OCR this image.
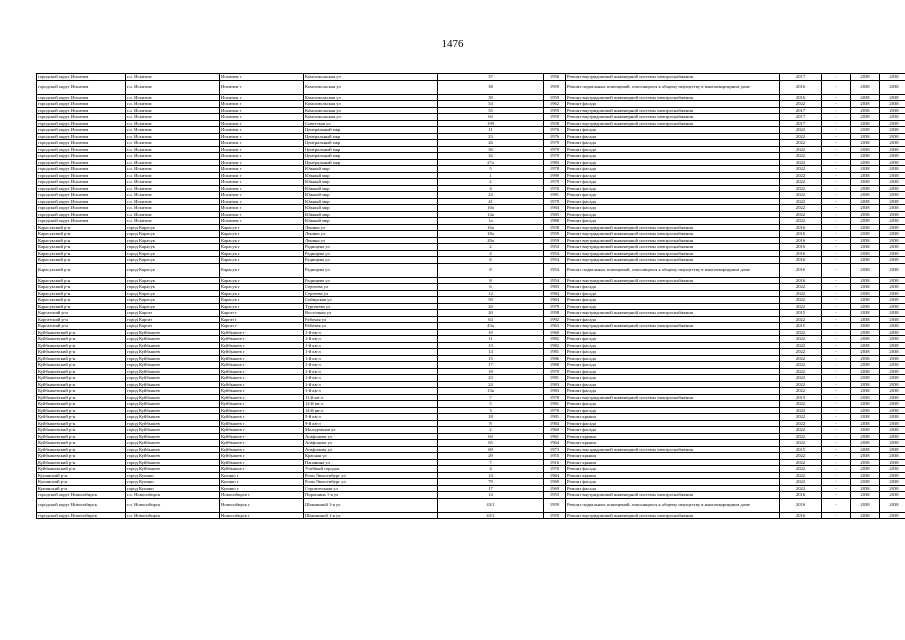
1476
городской округ Искитим	г.о. Искитим	Искитим г	Комсомольская ул	37	1956	Ремонт внутридомовой инженерной системы электроснабжения	2017	-	2038	2038
городской округ Искитим	г.о. Искитим	Искитим г	Комсомольская ул	38	1959	Ремонт подвальных помещений, относящихся к общему имуществу в многоквартирном доме	2016	-	2038	2038
городской округ Искитим	г.о. Искитим	Искитим г	Комсомольская ул	39	1959	Ремонт внутридомовой инженерной системы электроснабжения	2016	-	2038	2038
городской округ Искитим	г.о. Искитим	Искитим г	Комсомольская ул	54	1962	Ремонт фасада	2022	-	2038	2038
городской округ Искитим	г.о. Искитим	Искитим г	Комсомольская ул	55	1959	Ремонт внутридомовой инженерной системы электроснабжения	2017	-	2038	2038
городской округ Искитим	г.о. Искитим	Искитим г	Комсомольская ул	63	1959	Ремонт внутридомовой инженерной системы электроснабжения	2017	-	2038	2038
городской округ Искитим	г.о. Искитим	Искитим г	Советская ул	199	1958	Ремонт внутридомовой инженерной системы электроснабжения	2017	-	2038	2038
городской округ Искитим	г.о. Искитим	Искитим г	Центральный мкр	11	1976	Ремонт фасада	2022	-	2038	2038
городской округ Искитим	г.о. Искитим	Искитим г	Центральный мкр	23	1976	Ремонт фасада	2022	-	2038	2038
городской округ Искитим	г.о. Искитим	Искитим г	Центральный мкр	26	1979	Ремонт фасада	2022	-	2038	2038
городской округ Искитим	г.о. Искитим	Искитим г	Центральный мкр	30	1979	Ремонт фасада	2022	-	2038	2038
городской округ Искитим	г.о. Искитим	Искитим г	Центральный мкр	32	1979	Ремонт фасада	2022	-	2038	2038
городской округ Искитим	г.о. Искитим	Искитим г	Центральный мкр	27а	1983	Ремонт фасада	2022	-	2038	2038
городской округ Искитим	г.о. Искитим	Искитим г	Южный мкр	5	1978	Ремонт фасада	2022	-	2038	2038
городской округ Искитим	г.о. Искитим	Искитим г	Южный мкр	1	1990	Ремонт фасада	2022	-	2038	2038
городской округ Искитим	г.о. Искитим	Искитим г	Южный мкр	2	1979	Ремонт фасада	2022	-	2038	2038
городской округ Искитим	г.о. Искитим	Искитим г	Южный мкр	4	1976	Ремонт фасада	2022	-	2038	2038
городской округ Искитим	г.о. Искитим	Искитим г	Южный мкр	24	1981	Ремонт фасада	2022	-	2038	2038
городской округ Искитим	г.о. Искитим	Искитим г	Южный мкр	41	1979	Ремонт фасада	2022	-	2038	2038
городской округ Искитим	г.о. Искитим	Искитим г	Южный мкр	10а	1984	Ремонт фасада	2022	-	2038	2038
городской округ Искитим	г.о. Искитим	Искитим г	Южный мкр	14а	1983	Ремонт фасада	2022	-	2038	2038
городской округ Искитим	г.о. Искитим	Искитим г	Южный мкр	1а	1980	Ремонт фасада	2022	-	2038	2038
Карасукский р-н	город Карасук	Карасук г	Ленина ул	16а	1958	Ремонт внутридомовой инженерной системы электроснабжения	2016	-	2038	2038
Карасукский р-н	город Карасук	Карасук г	Ленина ул	18а	1959	Ремонт внутридомовой инженерной системы электроснабжения	2016	-	2038	2038
Карасукский р-н	город Карасук	Карасук г	Ленина ул	20а	1959	Ремонт внутридомовой инженерной системы электроснабжения	2016	-	2038	2038
Карасукский р-н	город Карасук	Карасук г	Радищева ул	2	1954	Ремонт внутридомовой инженерной системы электроснабжения	2016	-	2038	2038
Карасукский р-н	город Карасук	Карасук г	Радищева ул	4	1954	Ремонт внутридомовой инженерной системы электроснабжения	2016	-	2038	2038
Карасукский р-н	город Карасук	Карасук г	Радищева ул	6	1954	Ремонт внутридомовой инженерной системы электроснабжения	2016	-	2038	2038
Карасукский р-н	город Карасук	Карасук г	Радищева ул	8	1954	Ремонт подвальных помещений, относящихся к общему имуществу в многоквартирном доме	2016	-	2038	2038
Карасукский р-н	город Карасук	Карасук г	Радищева ул	8	1954	Ремонт внутридомовой инженерной системы электроснабжения	2016	-	2038	2038
Карасукский р-н	город Карасук	Карасук г	Сергеева ул	6	1983	Ремонт фасада	2022	-	2038	2038
Карасукский р-н	город Карасук	Карасук г	Сергеева ул	12	1984	Ремонт фасада	2022	-	2038	2038
Карасукский р-н	город Карасук	Карасук г	Сибирская ул	59	1964	Ремонт фасада	2022	-	2038	2038
Карасукский р-н	город Карасук	Карасук г	Тургенева ул	20	1979	Ремонт фасада	2022	-	2038	2038
Каргатский р-н	город Каргат	Каргат г	Восточная ул	20	1958	Ремонт внутридомовой инженерной системы электроснабжения	2015	-	2038	2038
Каргатский р-н	город Каргат	Каргат г	Рабочая ул	63	1992	Ремонт фасада	2022	-	2038	2038
Каргатский р-н	город Каргат	Каргат г	Рабочая ул	43а	1963	Ремонт внутридомовой инженерной системы электроснабжения	2015	-	2038	2038
Куйбышевский р-н	город Куйбышев	Куйбышев г	1-й кв-л	10	1960	Ремонт фасада	2022	-	2038	2038
Куйбышевский р-н	город Куйбышев	Куйбышев г	1-й кв-л	11	1982	Ремонт фасада	2022	-	2038	2038
Куйбышевский р-н	город Куйбышев	Куйбышев г	1-й кв-л	13	1982	Ремонт фасада	2022	-	2038	2038
Куйбышевский р-н	город Куйбышев	Куйбышев г	1-й кв-л	14	1981	Ремонт фасада	2022	-	2038	2038
Куйбышевский р-н	город Куйбышев	Куйбышев г	1-й кв-л	15	1986	Ремонт фасада	2022	-	2038	2038
Куйбышевский р-н	город Куйбышев	Куйбышев г	1-й кв-л	17	1980	Ремонт фасада	2022	-	2038	2038
Куйбышевский р-н	город Куйбышев	Куйбышев г	1-й кв-л	18	1979	Ремонт фасада	2022	-	2038	2038
Куйбышевский р-н	город Куйбышев	Куйбышев г	1-й кв-л	23	1981	Ремонт фасада	2022	-	2038	2038
Куйбышевский р-н	город Куйбышев	Куйбышев г	1-й кв-л	24	1983	Ремонт фасада	2022	-	2038	2038
Куйбышевский р-н	город Куйбышев	Куйбышев г	1-й кв-л	13а	1983	Ремонт фасада	2022	-	2038	2038
Куйбышевский р-н	город Куйбышев	Куйбышев г	11-й кв-л	7	1978	Ремонт внутридомовой инженерной системы электроснабжения	2015	-	2038	2038
Куйбышевский р-н	город Куйбышев	Куйбышев г	12-й кв-л	5	1981	Ремонт фасада	2022	-	2038	2038
Куйбышевский р-н	город Куйбышев	Куйбышев г	14-й кв-л	3	1978	Ремонт фасада	2022	-	2038	2038
Куйбышевский р-н	город Куйбышев	Куйбышев г	5-й кв-л	18	1981	Ремонт крыши	2022	-	2038	2038
Куйбышевский р-н	город Куйбышев	Куйбышев г	9-й кв-л	8	1984	Ремонт фасада	2022	-	2038	2038
Куйбышевский р-н	город Куйбышев	Куйбышев г	Молодежная ул	2	1960	Ремонт фасада	2022	-	2038	2038
Куйбышевский р-н	город Куйбышев	Куйбышев г	Агафонова ул	63	1961	Ремонт крыши	2022	-	2038	2038
Куйбышевский р-н	город Куйбышев	Куйбышев г	Агафонова ул	65	1964	Ремонт крыши	2022	-	2038	2038
Куйбышевский р-н	город Куйбышев	Куйбышев г	Агафонова ул	69	1973	Ремонт внутридомовой инженерной системы электроснабжения	2015	-	2038	2038
Куйбышевский р-н	город Куйбышев	Куйбышев г	Красная ул	29	1955	Ремонт крыши	2022	-	2038	2038
Куйбышевский р-н	город Куйбышев	Куйбышев г	Папанина ул	7	1916	Ремонт крыши	2022	-	2038	2038
Куйбышевский р-н	город Куйбышев	Куйбышев г	Учебный городок	4	1976	Ремонт фасада	2022	-	2038	2038
Купинский р-н	город Купино	Купино г	Розы Люксембург ул	14	1964	Ремонт крыши	2022	-	2038	2038
Купинский р-н	город Купино	Купино г	Розы Люксембург ул	79	1969	Ремонт фасада	2022	-	2038	2038
Купинский р-н	город Купино	Купино г	Строительная ул	17	1969	Ремонт фасада	2022	-	2038	2038
городской округ Новосибирск	г.о. Новосибирск	Новосибирск г	Порошина 1-я ул	14	1953	Ремонт внутридомовой инженерной системы электроснабжения	2016	-	2038	2038
городской округ Новосибирск	г.о. Новосибирск	Новосибирск г	Шамшиной 1-я ул	43/1	1959	Ремонт подвальных помещений, относящихся к общему имуществу в многоквартирном доме	2016	-	2038	2038
городской округ Новосибирск	г.о. Новосибирск	Новосибирск г	Шамшиной 1-я ул	43/1	1959	Ремонт внутридомовой инженерной системы электроснабжения	2016	-	2038	2038
